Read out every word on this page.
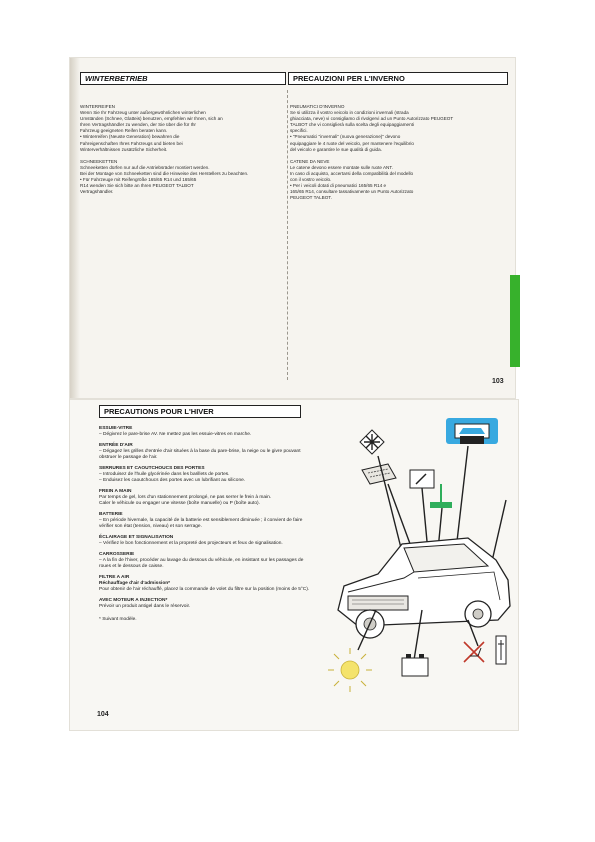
WINTERBETRIEB	PRECAUZIONI PER L'INVERNO
WINTERREIFEN
Wenn Sie Ihr Fahrzeug unter außergewöhnlichen winterlichen
Umständen (Schnee, Glatteis) benutzen, empfehlen wir Ihnen, sich an
Ihren Vertragshändler zu wenden, der Sie über die für Ihr
Fahrzeug geeigneten Reifen beraten kann.
• Winterreifen (Neuste Generation) bewahren die
Fahreigenschaften Ihres Fahrzeugs und bieten bei
Winterverhältnissen zusätzliche Sicherheit.

SCHNEEKETTEN
Schneeketten dürfen nur auf die Antriebsräder montiert werden.
Bei der Montage von Schneeketten sind die Hinweise des Herstellers zu beachten.
• Für Fahrzeuge mit Reifengröße 165/65 R14 und 165/65
R14 wenden Sie sich bitte an Ihren PEUGEOT TALBOT
Vertragshändler.
PNEUMATICI D'INVERNO
Se si utilizza il vostro veicolo in condizioni invernali (strada
ghiacciata, neve) vi consigliamo di rivolgervi ad un Punto Autorizzato PEUGEOT
TALBOT che vi consiglierà sulla scelta degli equipaggiamenti
specifici.
• "Pneumatici "invernali" (nuova generazione)" devono
equipaggiare le 4 ruote del veicolo, per mantenere l'equilibrio
del veicolo e garantire le sue qualità di guida.

CATENE DA NEVE
Le catene devono essere montate sulle ruote ANT.
In caso di acquisto, accertarsi della compatibilità del modello
con il vostro veicolo.
• Per i veicoli dotati di pneumatici 165/65 R14 e
165/65 R14, consultare tassativamente un Punto Autorizzato
PEUGEOT TALBOT.
103
PRECAUTIONS POUR L'HIVER
ESSUIE-VITRE
– Dégivrez le pare-brise AV. Ne mettez pas les essuie-vitres en marche.
ENTRÉE D'AIR
– Dégagez les grilles d'entrée d'air situées à la base du pare-brise, la neige ou le givre pouvant obstruer le passage de l'air.
SERRURES ET CAOUTCHOUCS DES PORTES
– Introduisez de l'huile glycérinée dans les barillets de portes.
– Enduisez les caoutchoucs des portes avec un lubrifiant au silicone.
FREIN A MAIN
Par temps de gel, lors d'un stationnement prolongé, ne pas serrer le frein à main.
Caler le véhicule ou engager une vitesse (boîte manuelle) ou P (boîte auto).
BATTERIE
– En période hivernale, la capacité de la batterie est sensiblement diminuée ; il convient de faire vérifier son état (tension, niveau) et son serrage.
ÉCLAIRAGE ET SIGNALISATION
– Vérifiez le bon fonctionnement et la propreté des projecteurs et feux de signalisation.
CARROSSERIE
– A la fin de l'hiver, procéder au lavage du dessous du véhicule, en insistant sur les passages de roues et le dessous de caisse.
FILTRE A AIR
Réchauffage d'air d'admission*
Pour obtenir de l'air réchauffé, placez la commande de volet du filtre sur la position (moins de 5°C).
AVEC MOTEUR A INJECTION*
Prévoir un produit antigel dans le réservoir.
* Suivant modèle.
104
